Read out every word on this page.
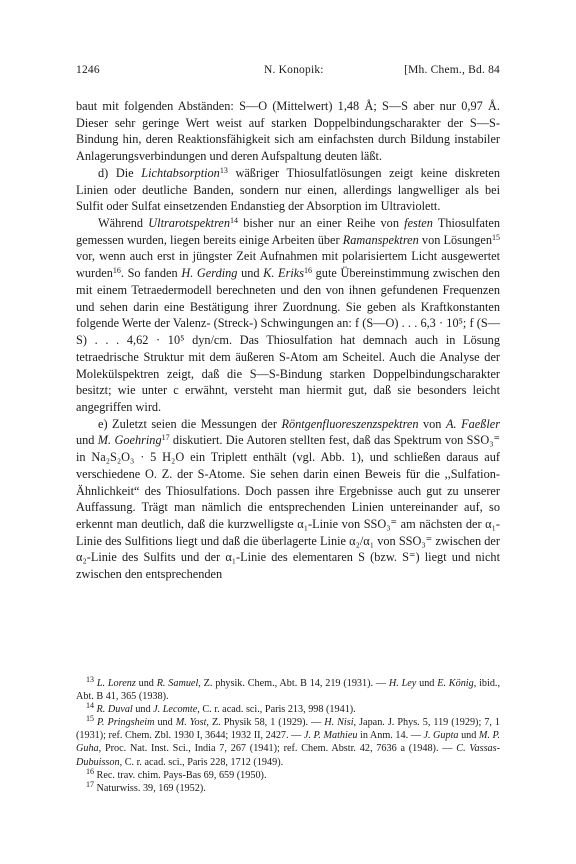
1246	N. Konopik:	[Mh. Chem., Bd. 84

baut mit folgenden Abständen: S—O (Mittelwert) 1,48 Å; S—S aber nur 0,97 Å. Dieser sehr geringe Wert weist auf starken Doppelbindungscharakter der S—S-Bindung hin, deren Reaktionsfähigkeit sich am einfachsten durch Bildung instabiler Anlagerungsverbindungen und deren Aufspaltung deuten läßt.

d) Die Lichtabsorption$^{13}$ wäßriger Thiosulfatlösungen zeigt keine diskreten Linien oder deutliche Banden, sondern nur einen, allerdings langwelliger als bei Sulfit oder Sulfat einsetzenden Endanstieg der Absorption im Ultraviolett.

Während Ultrarotspektren$^{14}$ bisher nur an einer Reihe von festen Thiosulfaten gemessen wurden, liegen bereits einige Arbeiten über Ramanspektren von Lösungen$^{15}$ vor, wenn auch erst in jüngster Zeit Aufnahmen mit polarisiertem Licht ausgewertet wurden$^{16}$. So fanden H. Gerding und K. Eriks$^{16}$ gute Übereinstimmung zwischen den mit einem Tetraedermodell berechneten und den von ihnen gefundenen Frequenzen und sehen darin eine Bestätigung ihrer Zuordnung. Sie geben als Kraftkonstanten folgende Werte der Valenz- (Streck-) Schwingungen an: f (S—O) . . . 6,3 · 10⁵; f (S—S) . . . 4,62 · 10⁵ dyn/cm. Das Thiosulfation hat demnach auch in Lösung tetraedrische Struktur mit dem äußeren S-Atom am Scheitel. Auch die Analyse der Molekülspektren zeigt, daß die S—S-Bindung starken Doppelbindungscharakter besitzt; wie unter c erwähnt, versteht man hiermit gut, daß sie besonders leicht angegriffen wird.

e) Zuletzt seien die Messungen der Röntgenfluoreszenzspektren von A. Faeßler und M. Goehring$^{17}$ diskutiert. Die Autoren stellten fest, daß das Spektrum von SSO₃⁼ in Na₂S₂O₃ · 5 H₂O ein Triplett enthält (vgl. Abb. 1), und schließen daraus auf verschiedene O. Z. der S-Atome. Sie sehen darin einen Beweis für die ,,Sulfation-Ähnlichkeit“ des Thiosulfations. Doch passen ihre Ergebnisse auch gut zu unserer Auffassung. Trägt man nämlich die entsprechenden Linien untereinander auf, so erkennt man deutlich, daß die kurzwelligste α₁-Linie von SSO₃⁼ am nächsten der α₁-Linie des Sulfitions liegt und daß die überlagerte Linie α₂/α₁ von SSO₃⁼ zwischen der α₂-Linie des Sulfits und der α₁-Linie des elementaren S (bzw. S⁼) liegt und nicht zwischen den entsprechenden

$^{13}$ L. Lorenz und R. Samuel, Z. physik. Chem., Abt. B 14, 219 (1931). — H. Ley und E. König, ibid., Abt. B 41, 365 (1938).

$^{14}$ R. Duval und J. Lecomte, C. r. acad. sci., Paris 213, 998 (1941).

$^{15}$ P. Pringsheim und M. Yost, Z. Physik 58, 1 (1929). — H. Nisi, Japan. J. Phys. 5, 119 (1929); 7, 1 (1931); ref. Chem. Zbl. 1930 I, 3644; 1932 II, 2427. — J. P. Mathieu in Anm. 14. — J. Gupta und M. P. Guha, Proc. Nat. Inst. Sci., India 7, 267 (1941); ref. Chem. Abstr. 42, 7636 a (1948). — C. Vassas-Dubuisson, C. r. acad. sci., Paris 228, 1712 (1949).

$^{16}$ Rec. trav. chim. Pays-Bas 69, 659 (1950).

$^{17}$ Naturwiss. 39, 169 (1952).
